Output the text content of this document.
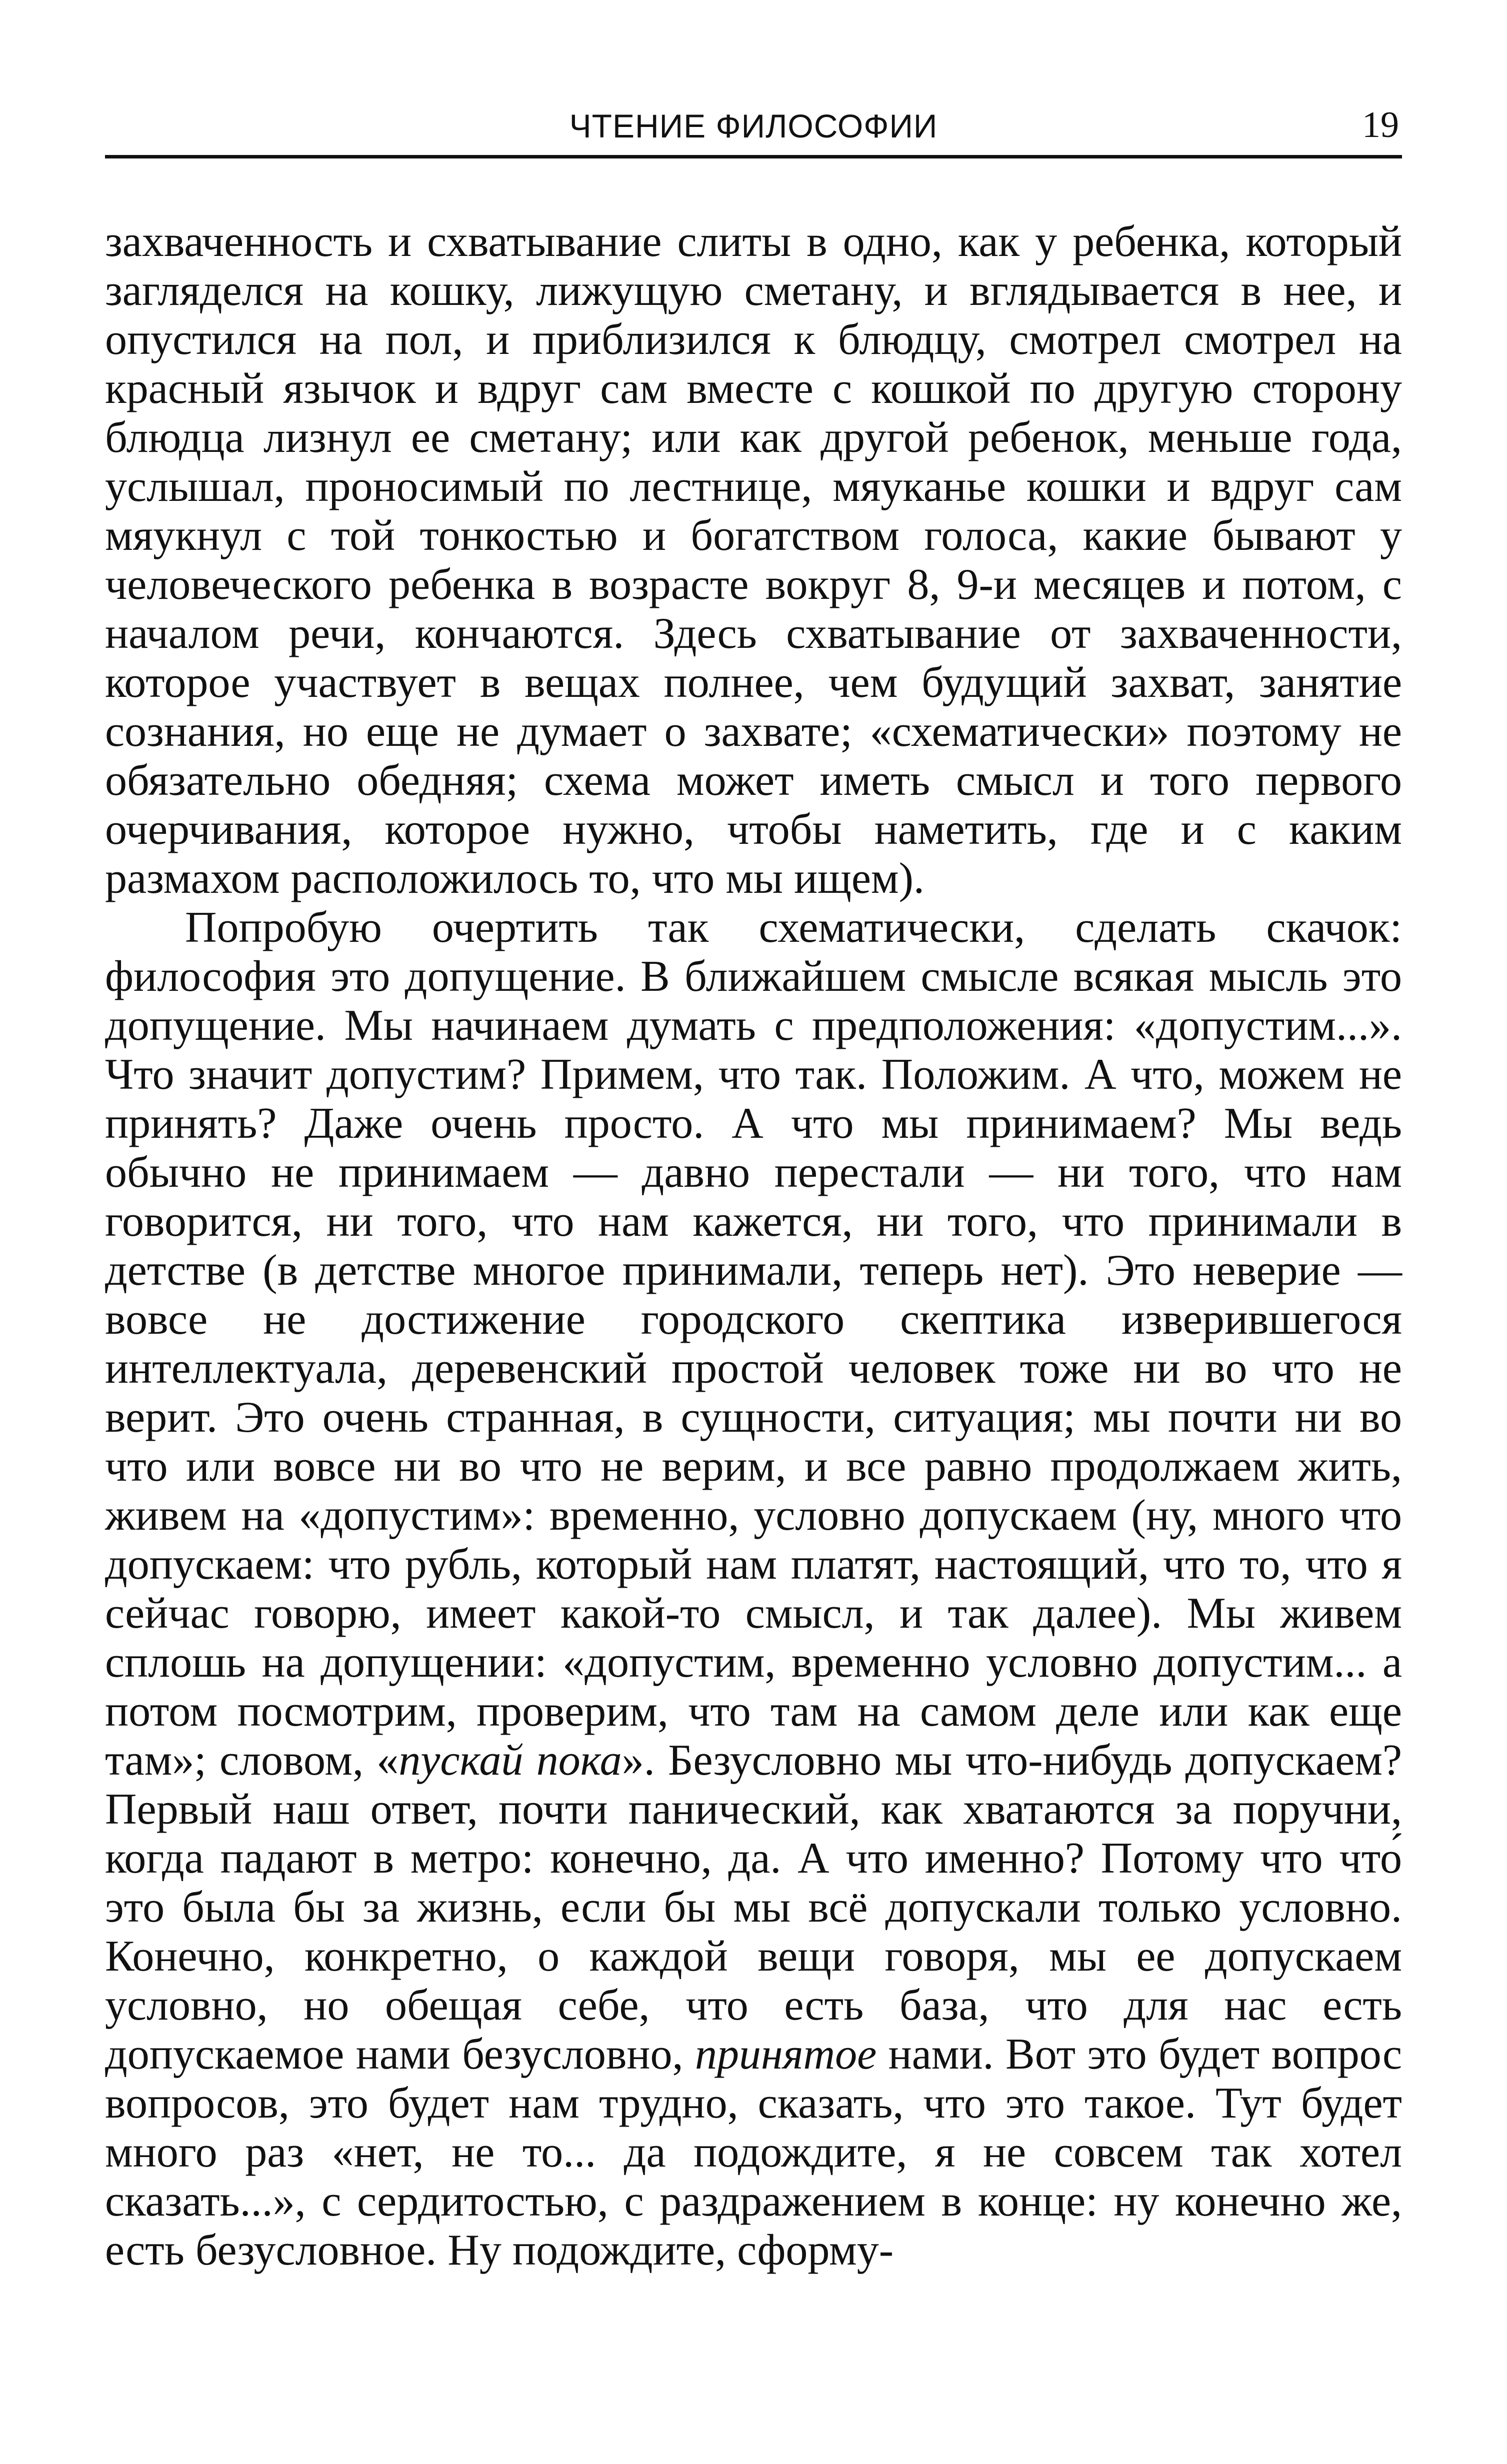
ЧТЕНИЕ ФИЛОСОФИИ	19

захваченность и схватывание слиты в одно, как у ребенка, который загляделся на кошку, лижущую сметану, и вглядывается в нее, и опустился на пол, и приблизился к блюдцу, смотрел смотрел на красный язычок и вдруг сам вместе с кошкой по другую сторону блюдца лизнул ее сметану; или как другой ребенок, меньше года, услышал, проносимый по лестнице, мяуканье кошки и вдруг сам мяукнул с той тонкостью и богатством голоса, какие бывают у человеческого ребенка в возрасте вокруг 8, 9-и месяцев и потом, с началом речи, кончаются. Здесь схватывание от захваченности, которое участвует в вещах полнее, чем будущий захват, занятие сознания, но еще не думает о захвате; «схематически» поэтому не обязательно обедняя; схема может иметь смысл и того первого очерчивания, которое нужно, чтобы наметить, где и с каким размахом расположилось то, что мы ищем).

Попробую очертить так схематически, сделать скачок: философия это допущение. В ближайшем смысле всякая мысль это допущение. Мы начинаем думать с предположения: «допустим...». Что значит допустим? Примем, что так. Положим. А что, можем не принять? Даже очень просто. А что мы принимаем? Мы ведь обычно не принимаем — давно перестали — ни того, что нам говорится, ни того, что нам кажется, ни того, что принимали в детстве (в детстве многое принимали, теперь нет). Это неверие — вовсе не достижение городского скептика изверившегося интеллектуала, деревенский простой человек тоже ни во что не верит. Это очень странная, в сущности, ситуация; мы почти ни во что или вовсе ни во что не верим, и все равно продолжаем жить, живем на «допустим»: временно, условно допускаем (ну, много что допускаем: что рубль, который нам платят, настоящий, что то, что я сейчас говорю, имеет какой-то смысл, и так далее). Мы живем сплошь на допущении: «допустим, временно условно допустим... а потом посмотрим, проверим, что там на самом деле или как еще там»; словом, «пускай пока». Безусловно мы что-нибудь допускаем? Первый наш ответ, почти панический, как хватаются за поручни, когда падают в метро: конечно, да. А что именно? Потому что что́ это была бы за жизнь, если бы мы всё допускали только условно. Конечно, конкретно, о каждой вещи говоря, мы ее допускаем условно, но обещая себе, что есть база, что для нас есть допускаемое нами безусловно, принятое нами. Вот это будет вопрос вопросов, это будет нам трудно, сказать, что это такое. Тут будет много раз «нет, не то... да подождите, я не совсем так хотел сказать...», с сердитостью, с раздражением в конце: ну конечно же, есть безусловное. Ну подождите, сформу-
